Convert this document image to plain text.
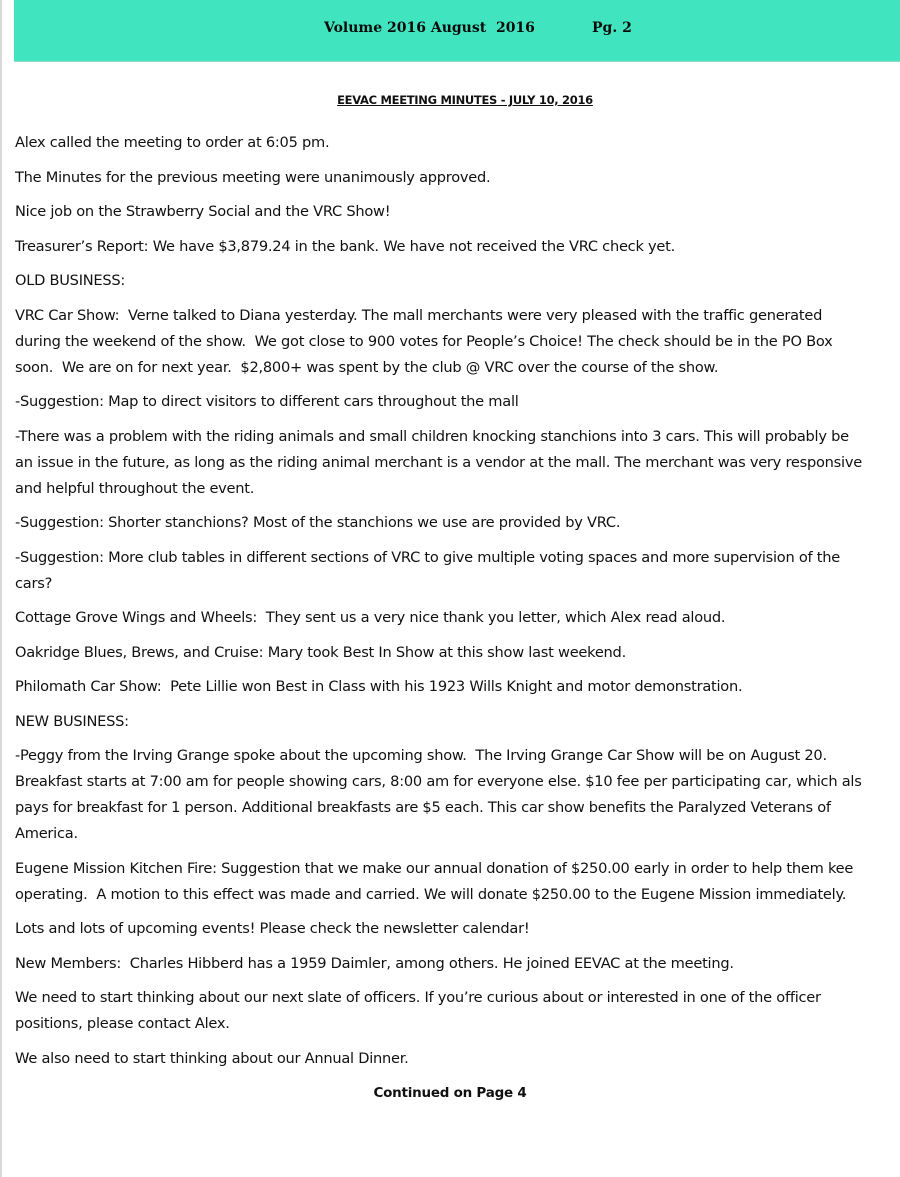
Volume 2016 August  2016	Pg. 2
EEVAC MEETING MINUTES - JULY 10, 2016

Alex called the meeting to order at 6:05 pm.

The Minutes for the previous meeting were unanimously approved.

Nice job on the Strawberry Social and the VRC Show!

Treasurer’s Report: We have $3,879.24 in the bank. We have not received the VRC check yet.

OLD BUSINESS:

VRC Car Show:  Verne talked to Diana yesterday. The mall merchants were very pleased with the traffic generated
during the weekend of the show.  We got close to 900 votes for People’s Choice! The check should be in the PO Box
soon.  We are on for next year.  $2,800+ was spent by the club @ VRC over the course of the show.

-Suggestion: Map to direct visitors to different cars throughout the mall

-There was a problem with the riding animals and small children knocking stanchions into 3 cars. This will probably be
an issue in the future, as long as the riding animal merchant is a vendor at the mall. The merchant was very responsive
and helpful throughout the event.

-Suggestion: Shorter stanchions? Most of the stanchions we use are provided by VRC.

-Suggestion: More club tables in different sections of VRC to give multiple voting spaces and more supervision of the
cars?

Cottage Grove Wings and Wheels:  They sent us a very nice thank you letter, which Alex read aloud.

Oakridge Blues, Brews, and Cruise: Mary took Best In Show at this show last weekend.

Philomath Car Show:  Pete Lillie won Best in Class with his 1923 Wills Knight and motor demonstration.

NEW BUSINESS:

-Peggy from the Irving Grange spoke about the upcoming show.  The Irving Grange Car Show will be on August 20.
Breakfast starts at 7:00 am for people showing cars, 8:00 am for everyone else. $10 fee per participating car, which als
pays for breakfast for 1 person. Additional breakfasts are $5 each. This car show benefits the Paralyzed Veterans of
America.

Eugene Mission Kitchen Fire: Suggestion that we make our annual donation of $250.00 early in order to help them kee
operating.  A motion to this effect was made and carried. We will donate $250.00 to the Eugene Mission immediately.

Lots and lots of upcoming events! Please check the newsletter calendar!

New Members:  Charles Hibberd has a 1959 Daimler, among others. He joined EEVAC at the meeting.

We need to start thinking about our next slate of officers. If you’re curious about or interested in one of the officer
positions, please contact Alex.

We also need to start thinking about our Annual Dinner.

Continued on Page 4
